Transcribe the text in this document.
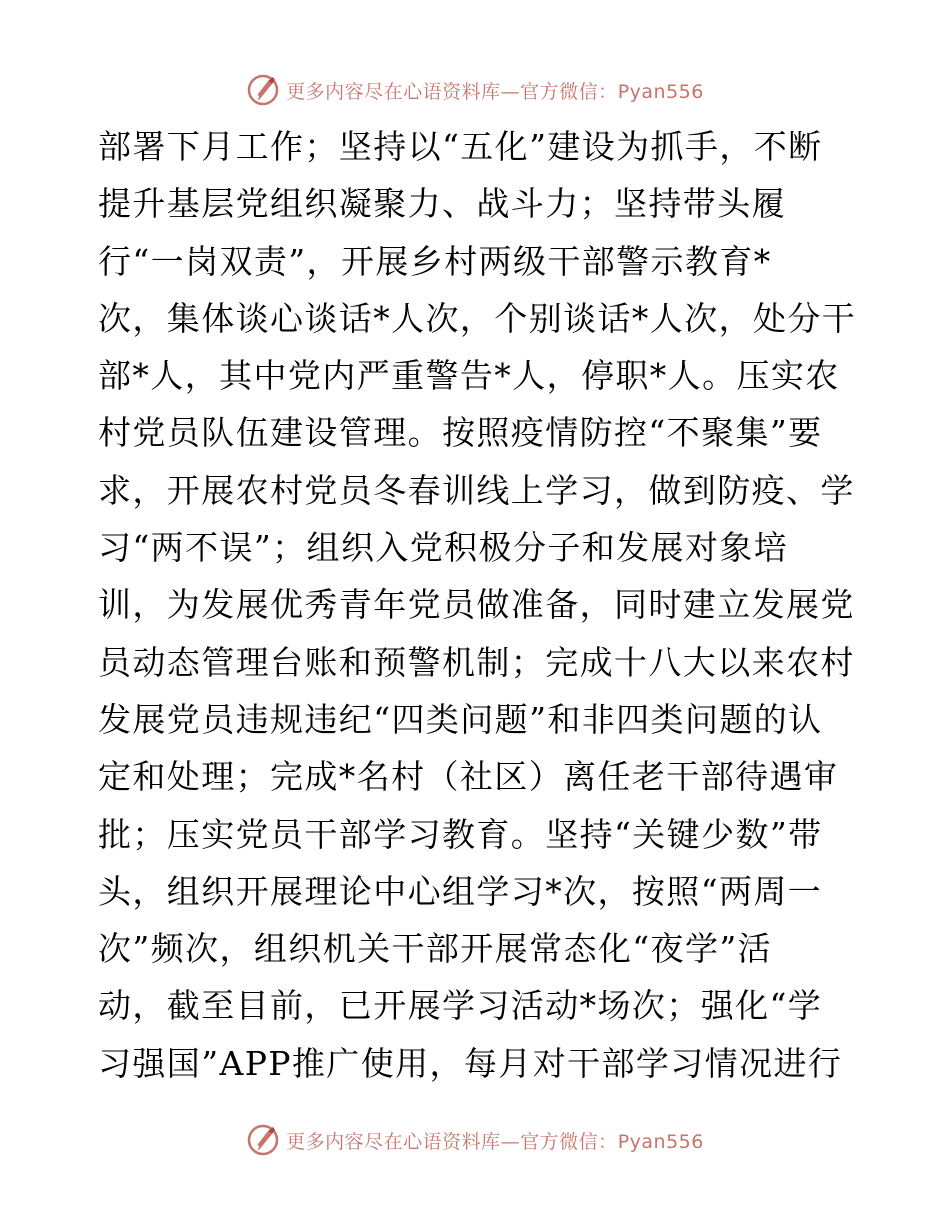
更多内容尽在心语资料库—官方微信：Pyan556
部署下月工作；坚持以“五化”建设为抓手，不断
提升基层党组织凝聚力、战斗力；坚持带头履
行“一岗双责”，开展乡村两级干部警示教育*
次，集体谈心谈话*人次，个别谈话*人次，处分干
部*人，其中党内严重警告*人，停职*人。压实农
村党员队伍建设管理。按照疫情防控“不聚集”要
求，开展农村党员冬春训线上学习，做到防疫、学
习“两不误”；组织入党积极分子和发展对象培
训，为发展优秀青年党员做准备，同时建立发展党
员动态管理台账和预警机制；完成十八大以来农村
发展党员违规违纪“四类问题”和非四类问题的认
定和处理；完成*名村（社区）离任老干部待遇审
批；压实党员干部学习教育。坚持“关键少数”带
头，组织开展理论中心组学习*次，按照“两周一
次”频次，组织机关干部开展常态化“夜学”活
动，截至目前，已开展学习活动*场次；强化“学
习强国”APP推广使用，每月对干部学习情况进行
更多内容尽在心语资料库—官方微信：Pyan556
